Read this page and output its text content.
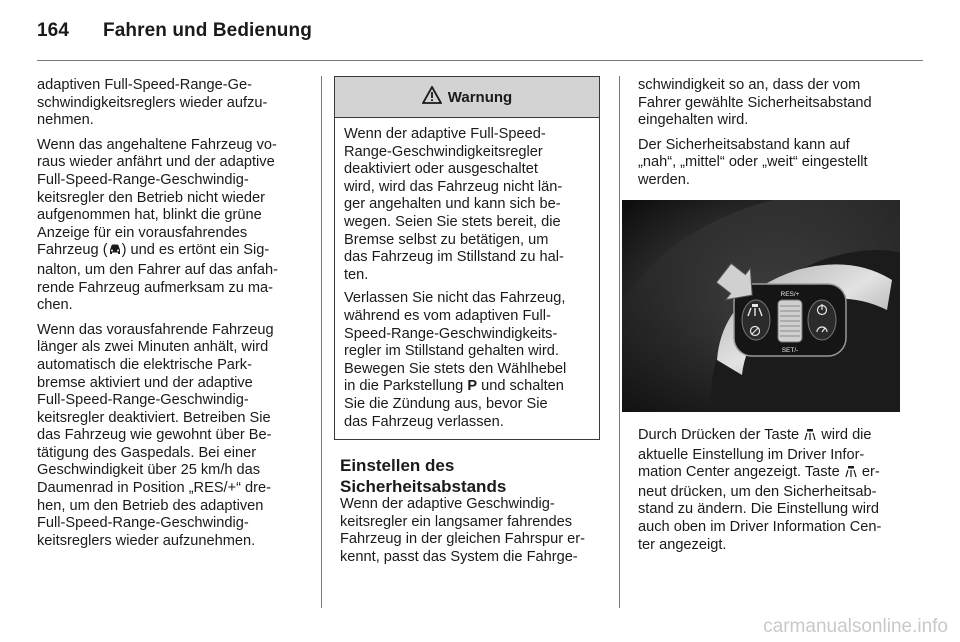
164 Fahren und Bedienung

adaptiven Full-Speed-Range-Ge-
schwindigkeitsreglers wieder aufzu-
nehmen.

Wenn das angehaltene Fahrzeug vo-
raus wieder anfährt und der adaptive
Full-Speed-Range-Geschwindig-
keitsregler den Betrieb nicht wieder
aufgenommen hat, blinkt die grüne
Anzeige für ein vorausfahrendes
Fahrzeug ( ) und es ertönt ein Sig-
nalton, um den Fahrer auf das anfah-
rende Fahrzeug aufmerksam zu ma-
chen.

Wenn das vorausfahrende Fahrzeug
länger als zwei Minuten anhält, wird
automatisch die elektrische Park-
bremse aktiviert und der adaptive
Full-Speed-Range-Geschwindig-
keitsregler deaktiviert. Betreiben Sie
das Fahrzeug wie gewohnt über Be-
tätigung des Gaspedals. Bei einer
Geschwindigkeit über 25 km/h das
Daumenrad in Position „RES/+“ dre-
hen, um den Betrieb des adaptiven
Full-Speed-Range-Geschwindig-
keitsreglers wieder aufzunehmen.

Warnung

Wenn der adaptive Full-Speed-
Range-Geschwindigkeitsregler
deaktiviert oder ausgeschaltet
wird, wird das Fahrzeug nicht län-
ger angehalten und kann sich be-
wegen. Seien Sie stets bereit, die
Bremse selbst zu betätigen, um
das Fahrzeug im Stillstand zu hal-
ten.

Verlassen Sie nicht das Fahrzeug,
während es vom adaptiven Full-
Speed-Range-Geschwindigkeits-
regler im Stillstand gehalten wird.
Bewegen Sie stets den Wählhebel
in die Parkstellung P und schalten
Sie die Zündung aus, bevor Sie
das Fahrzeug verlassen.

Einstellen des
Sicherheitsabstands
Wenn der adaptive Geschwindig-
keitsregler ein langsamer fahrendes
Fahrzeug in der gleichen Fahrspur er-
kennt, passt das System die Fahrge-

schwindigkeit so an, dass der vom
Fahrer gewählte Sicherheitsabstand
eingehalten wird.

Der Sicherheitsabstand kann auf
„nah“, „mittel“ oder „weit“ eingestellt
werden.

RES/+
SET/-

Durch Drücken der Taste  wird die
aktuelle Einstellung im Driver Infor-
mation Center angezeigt. Taste  er-
neut drücken, um den Sicherheitsab-
stand zu ändern. Die Einstellung wird
auch oben im Driver Information Cen-
ter angezeigt.

carmanualsonline.info
